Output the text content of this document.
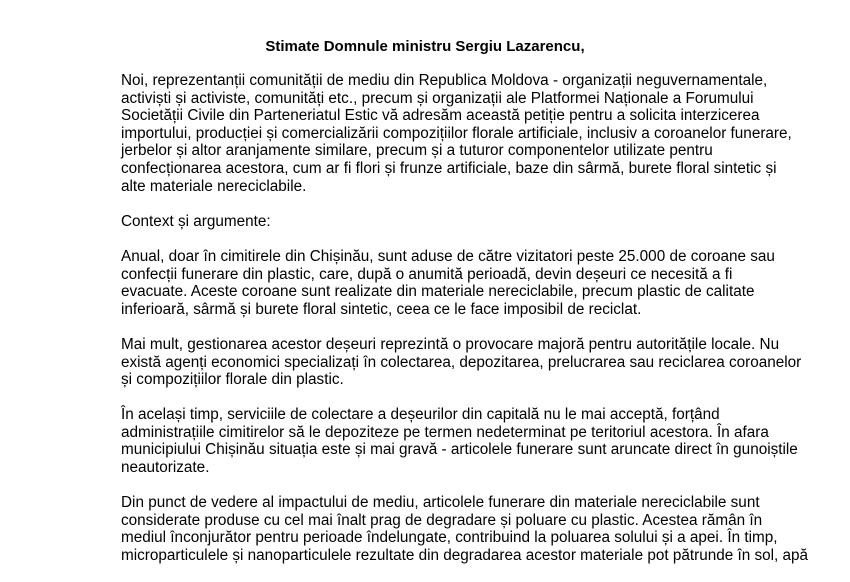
Stimate Domnule ministru Sergiu Lazarencu,

Noi, reprezentanții comunității de mediu din Republica Moldova - organizații neguvernamentale,
activiști și activiste, comunități etc., precum și organizații ale Platformei Naționale a Forumului
Societății Civile din Parteneriatul Estic vă adresăm această petiție pentru a solicita interzicerea
importului, producției și comercializării compozițiilor florale artificiale, inclusiv a coroanelor funerare,
jerbelor și altor aranjamente similare, precum și a tuturor componentelor utilizate pentru
confecționarea acestora, cum ar fi flori și frunze artificiale, baze din sârmă, burete floral sintetic și
alte materiale nereciclabile.

Context și argumente:

Anual, doar în cimitirele din Chișinău, sunt aduse de către vizitatori peste 25.000 de coroane sau
confecții funerare din plastic, care, după o anumită perioadă, devin deșeuri ce necesită a fi
evacuate. Aceste coroane sunt realizate din materiale nereciclabile, precum plastic de calitate
inferioară, sârmă și burete floral sintetic, ceea ce le face imposibil de reciclat.

Mai mult, gestionarea acestor deșeuri reprezintă o provocare majoră pentru autoritățile locale. Nu
există agenți economici specializați în colectarea, depozitarea, prelucrarea sau reciclarea coroanelor
și compozițiilor florale din plastic.

În același timp, serviciile de colectare a deșeurilor din capitală nu le mai acceptă, forțând
administrațiile cimitirelor să le depoziteze pe termen nedeterminat pe teritoriul acestora. În afara
municipiului Chișinău situația este și mai gravă - articolele funerare sunt aruncate direct în gunoiștile
neautorizate.

Din punct de vedere al impactului de mediu, articolele funerare din materiale nereciclabile sunt
considerate produse cu cel mai înalt prag de degradare și poluare cu plastic. Acestea rămân în
mediul înconjurător pentru perioade îndelungate, contribuind la poluarea solului și a apei. În timp,
microparticulele și nanoparticulele rezultate din degradarea acestor materiale pot pătrunde în sol, apă
